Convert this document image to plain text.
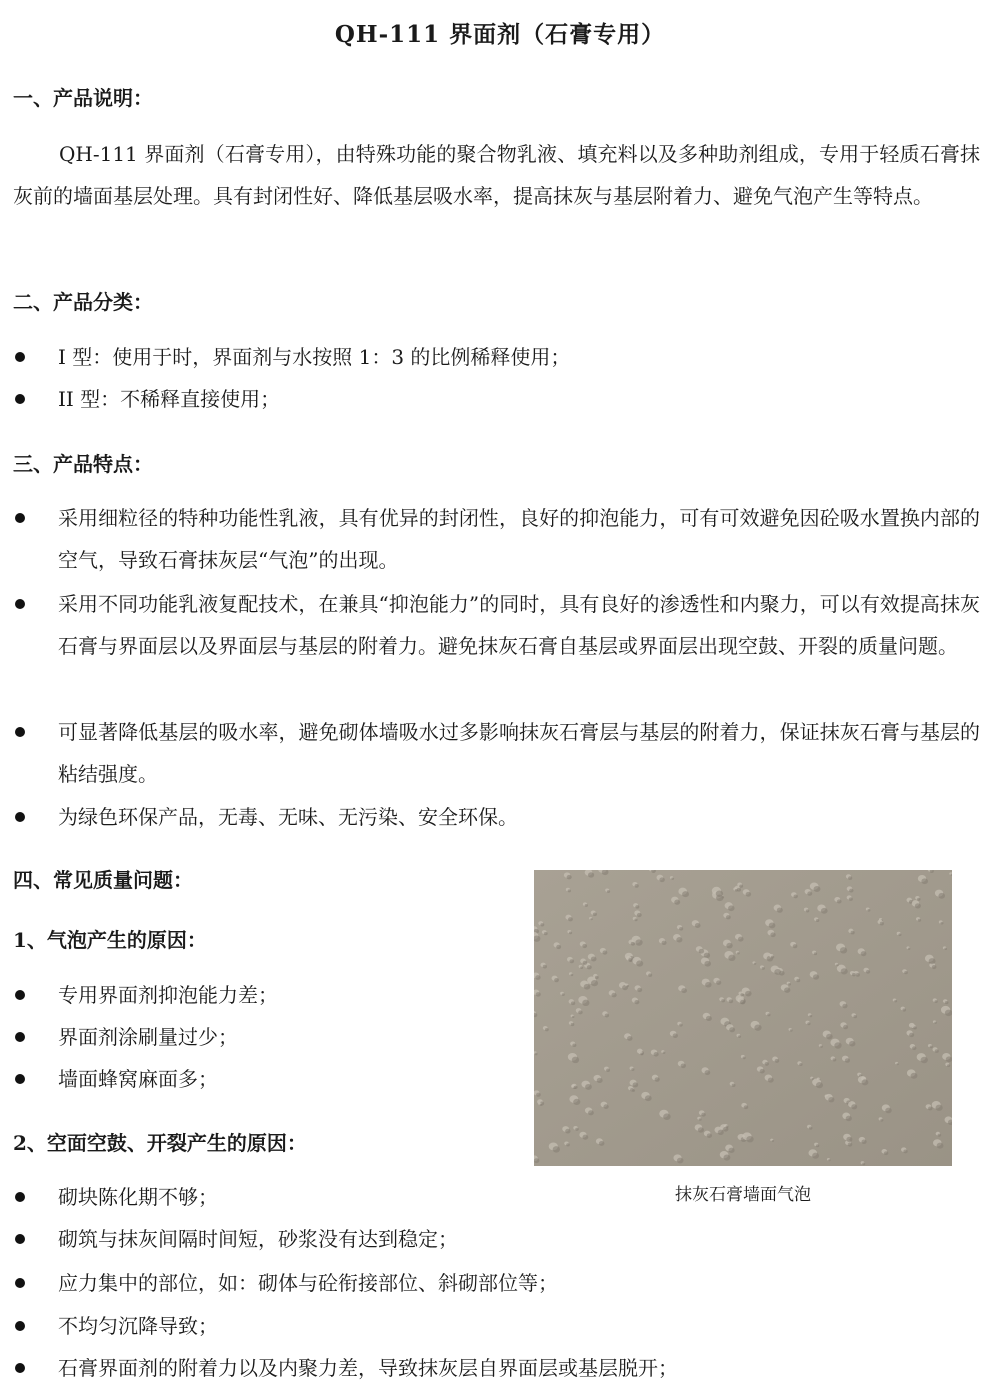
QH-111 界面剂（石膏专用）
一、产品说明：

QH-111 界面剂（石膏专用），由特殊功能的聚合物乳液、填充料以及多种助剂组成，专用于轻质石膏抹灰前的墙面基层处理。具有封闭性好、降低基层吸水率，提高抹灰与基层附着力、避免气泡产生等特点。

二、产品分类：
I 型：使用于时，界面剂与水按照 1：3 的比例稀释使用；
II 型：不稀释直接使用；
三、产品特点：
采用细粒径的特种功能性乳液，具有优异的封闭性，良好的抑泡能力，可有可效避免因砼吸水置换内部的空气，导致石膏抹灰层“气泡”的出现。
采用不同功能乳液复配技术，在兼具“抑泡能力”的同时，具有良好的渗透性和内聚力，可以有效提高抹灰石膏与界面层以及界面层与基层的附着力。避免抹灰石膏自基层或界面层出现空鼓、开裂的质量问题。
可显著降低基层的吸水率，避免砌体墙吸水过多影响抹灰石膏层与基层的附着力，保证抹灰石膏与基层的粘结强度。
为绿色环保产品，无毒、无味、无污染、安全环保。
四、常见质量问题：
1、气泡产生的原因：
专用界面剂抑泡能力差；
界面剂涂刷量过少；
墙面蜂窝麻面多；
2、空面空鼓、开裂产生的原因：
砌块陈化期不够；
砌筑与抹灰间隔时间短，砂浆没有达到稳定；
应力集中的部位，如：砌体与砼衔接部位、斜砌部位等；
不均匀沉降导致；
石膏界面剂的附着力以及内聚力差，导致抹灰层自界面层或基层脱开；
抹灰石膏墙面气泡
